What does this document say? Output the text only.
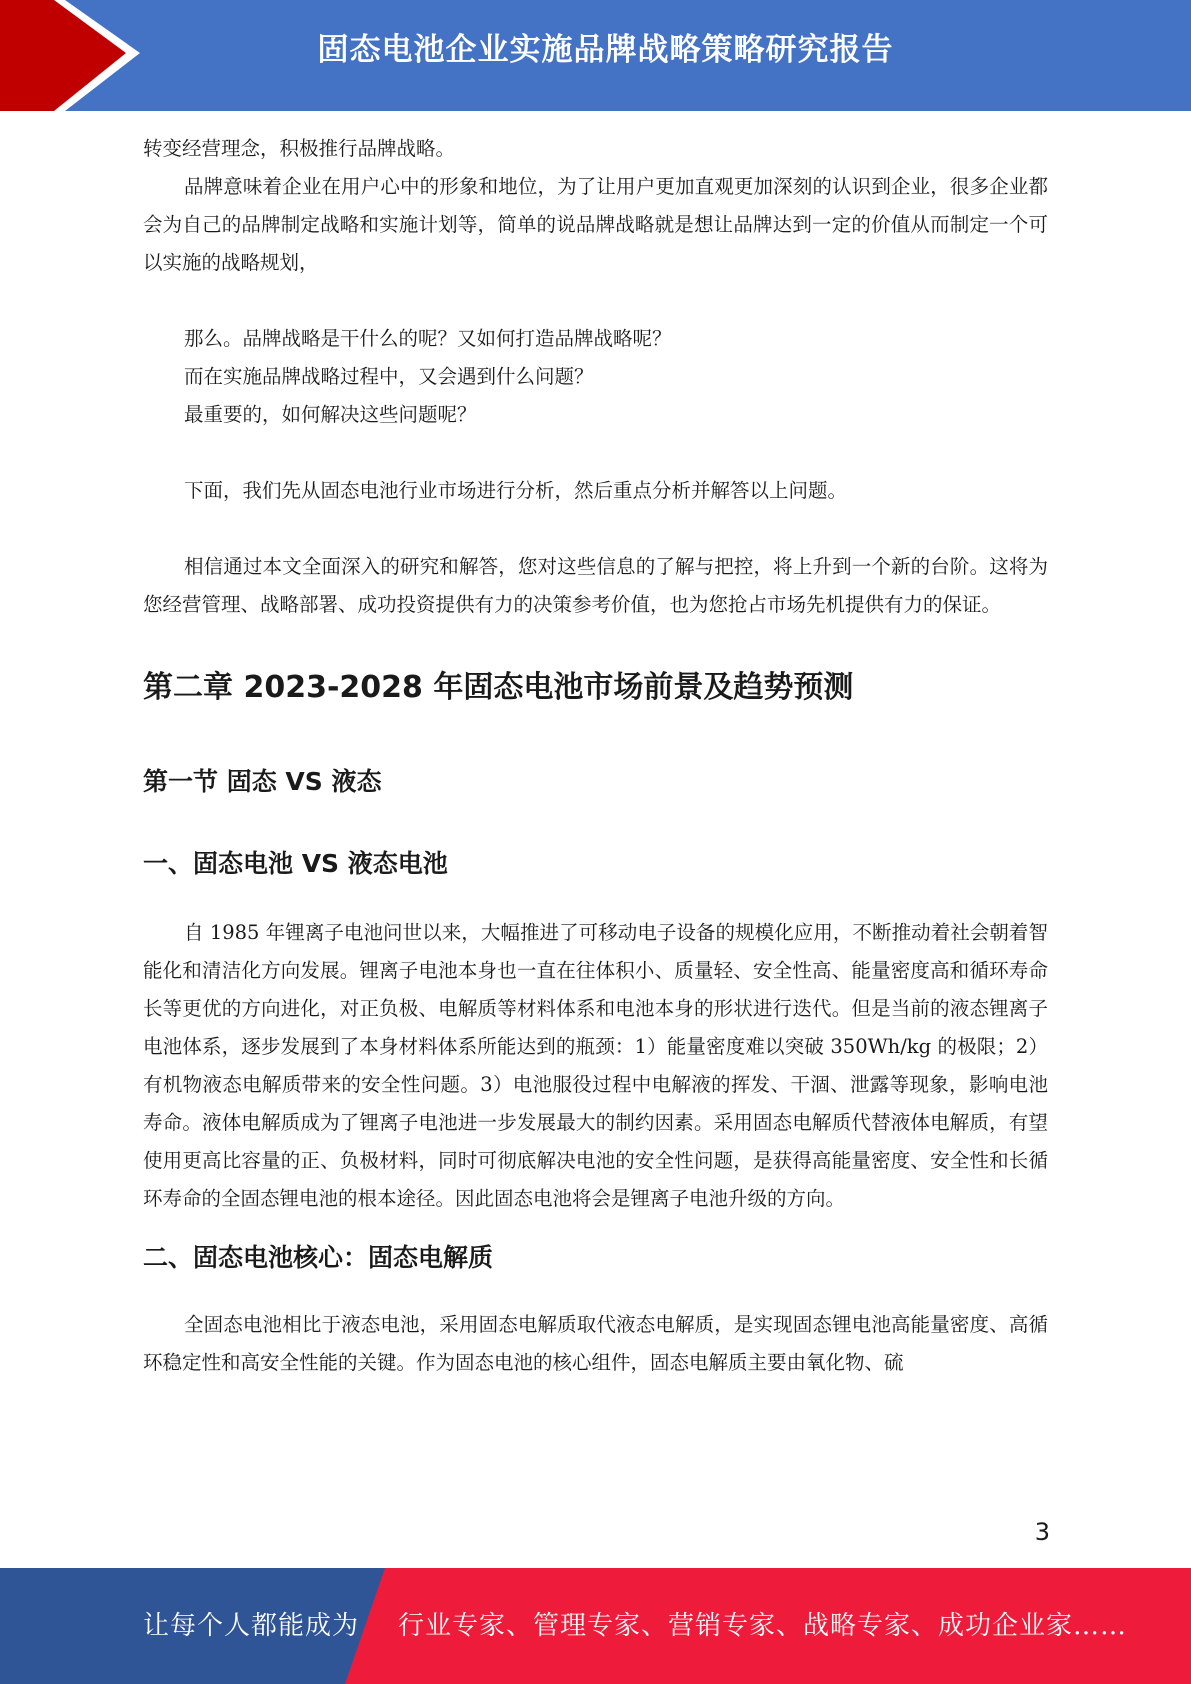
固态电池企业实施品牌战略策略研究报告

转变经营理念，积极推行品牌战略。

品牌意味着企业在用户心中的形象和地位，为了让用户更加直观更加深刻的认识到企业，很多企业都会为自己的品牌制定战略和实施计划等，简单的说品牌战略就是想让品牌达到一定的价值从而制定一个可以实施的战略规划，

那么。品牌战略是干什么的呢？又如何打造品牌战略呢？

而在实施品牌战略过程中，又会遇到什么问题？

最重要的，如何解决这些问题呢？

下面，我们先从固态电池行业市场进行分析，然后重点分析并解答以上问题。

相信通过本文全面深入的研究和解答，您对这些信息的了解与把控，将上升到一个新的台阶。这将为您经营管理、战略部署、成功投资提供有力的决策参考价值，也为您抢占市场先机提供有力的保证。

第二章 2023-2028 年固态电池市场前景及趋势预测
第一节 固态 VS 液态
一、固态电池 VS 液态电池

自 1985 年锂离子电池问世以来，大幅推进了可移动电子设备的规模化应用，不断推动着社会朝着智能化和清洁化方向发展。锂离子电池本身也一直在往体积小、质量轻、安全性高、能量密度高和循环寿命长等更优的方向进化，对正负极、电解质等材料体系和电池本身的形状进行迭代。但是当前的液态锂离子电池体系，逐步发展到了本身材料体系所能达到的瓶颈：1）能量密度难以突破 350Wh/kg 的极限；2）有机物液态电解质带来的安全性问题。3）电池服役过程中电解液的挥发、干涸、泄露等现象，影响电池寿命。液体电解质成为了锂离子电池进一步发展最大的制约因素。采用固态电解质代替液体电解质，有望使用更高比容量的正、负极材料，同时可彻底解决电池的安全性问题，是获得高能量密度、安全性和长循环寿命的全固态锂电池的根本途径。因此固态电池将会是锂离子电池升级的方向。

二、固态电池核心：固态电解质

全固态电池相比于液态电池，采用固态电解质取代液态电解质，是实现固态锂电池高能量密度、高循环稳定性和高安全性能的关键。作为固态电池的核心组件，固态电解质主要由氧化物、硫

3
让每个人都能成为 行业专家、管理专家、营销专家、战略专家、成功企业家……
